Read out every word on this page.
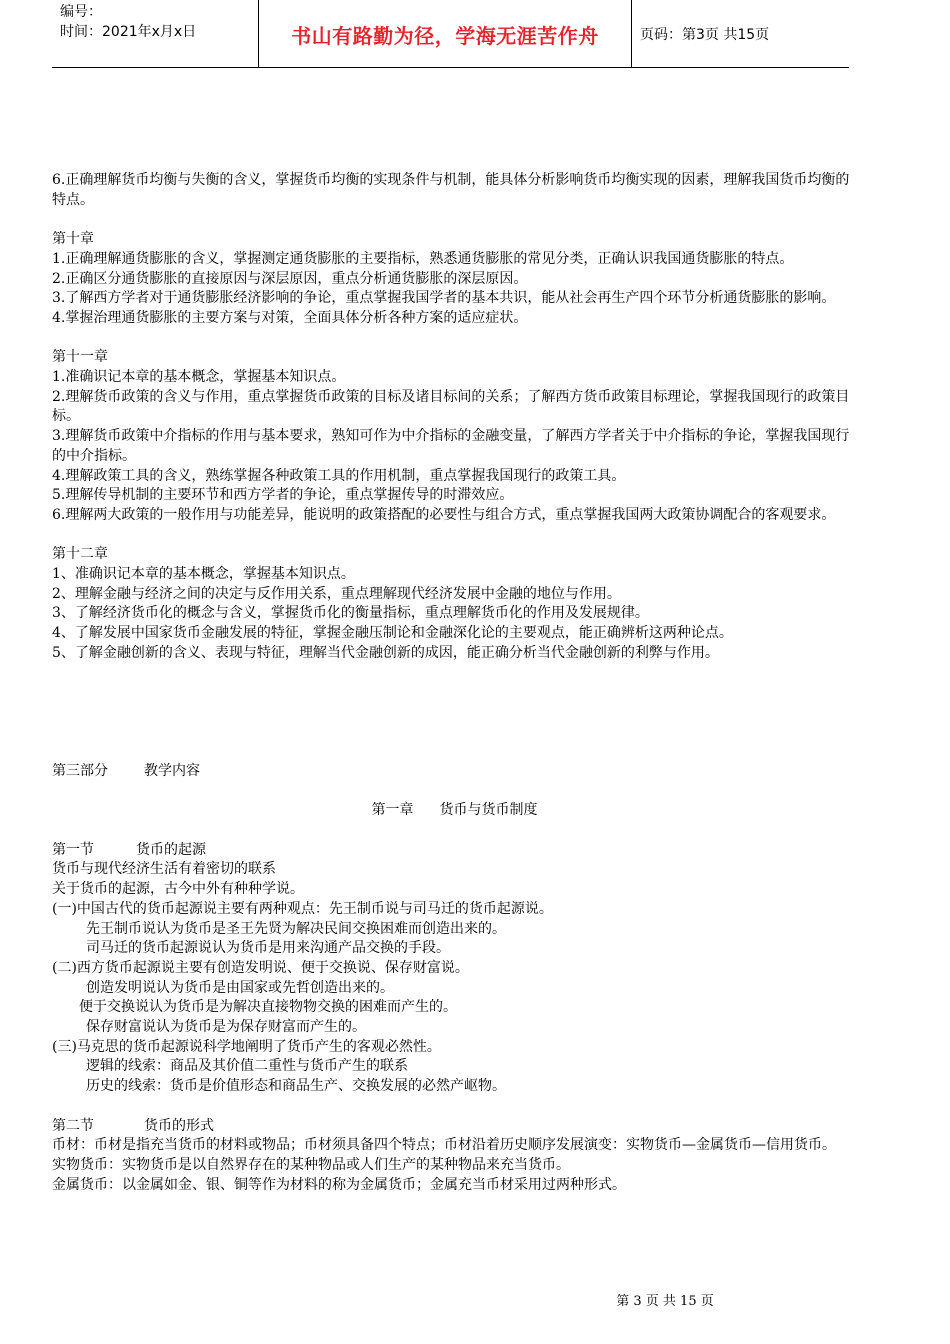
编号：
时间：2021年x月x日	书山有路勤为径，学海无涯苦作舟	页码：第3页 共15页

6.正确理解货币均衡与失衡的含义，掌握货币均衡的实现条件与机制，能具体分析影响货币均衡实现的因素，理解我国货币均衡的特点。

第十章

1.正确理解通货膨胀的含义，掌握测定通货膨胀的主要指标，熟悉通货膨胀的常见分类，正确认识我国通货膨胀的特点。

2.正确区分通货膨胀的直接原因与深层原因，重点分析通货膨胀的深层原因。

3.了解西方学者对于通货膨胀经济影响的争论，重点掌握我国学者的基本共识，能从社会再生产四个环节分析通货膨胀的影响。

4.掌握治理通货膨胀的主要方案与对策，全面具体分析各种方案的适应症状。

第十一章

1.准确识记本章的基本概念，掌握基本知识点。

2.理解货币政策的含义与作用，重点掌握货币政策的目标及诸目标间的关系；了解西方货币政策目标理论，掌握我国现行的政策目标。

3.理解货币政策中介指标的作用与基本要求，熟知可作为中介指标的金融变量，了解西方学者关于中介指标的争论，掌握我国现行的中介指标。

4.理解政策工具的含义，熟练掌握各种政策工具的作用机制，重点掌握我国现行的政策工具。

5.理解传导机制的主要环节和西方学者的争论，重点掌握传导的时滞效应。

6.理解两大政策的一般作用与功能差异，能说明的政策搭配的必要性与组合方式，重点掌握我国两大政策协调配合的客观要求。

第十二章

1、准确识记本章的基本概念，掌握基本知识点。

2、理解金融与经济之间的决定与反作用关系，重点理解现代经济发展中金融的地位与作用。

3、了解经济货币化的概念与含义，掌握货币化的衡量指标，重点理解货币化的作用及发展规律。

4、了解发展中国家货币金融发展的特征，掌握金融压制论和金融深化论的主要观点，能正确辨析这两种论点。

5、了解金融创新的含义、表现与特征，理解当代金融创新的成因，能正确分析当代金融创新的利弊与作用。

第三部分	教学内容

第一章 货币与货币制度

第一节	货币的起源

货币与现代经济生活有着密切的联系

关于货币的起源，古今中外有种种学说。

(一)中国古代的货币起源说主要有两种观点：先王制币说与司马迁的货币起源说。

先王制币说认为货币是圣王先贤为解决民间交换困难而创造出来的。

司马迁的货币起源说认为货币是用来沟通产品交换的手段。

(二)西方货币起源说主要有创造发明说、便于交换说、保存财富说。

创造发明说认为货币是由国家或先哲创造出来的。

便于交换说认为货币是为解决直接物物交换的困难而产生的。

保存财富说认为货币是为保存财富而产生的。

(三)马克思的货币起源说科学地阐明了货币产生的客观必然性。

逻辑的线索：商品及其价值二重性与货币产生的联系

历史的线索：货币是价值形态和商品生产、交换发展的必然产岖物。

第二节	货币的形式

币材：币材是指充当货币的材料或物品；币材须具备四个特点；币材沿着历史顺序发展演变：实物货币—金属货币—信用货币。

实物货币：实物货币是以自然界存在的某种物品或人们生产的某种物品来充当货币。

金属货币：以金属如金、银、铜等作为材料的称为金属货币；金属充当币材采用过两种形式。

第 3 页 共 15 页
